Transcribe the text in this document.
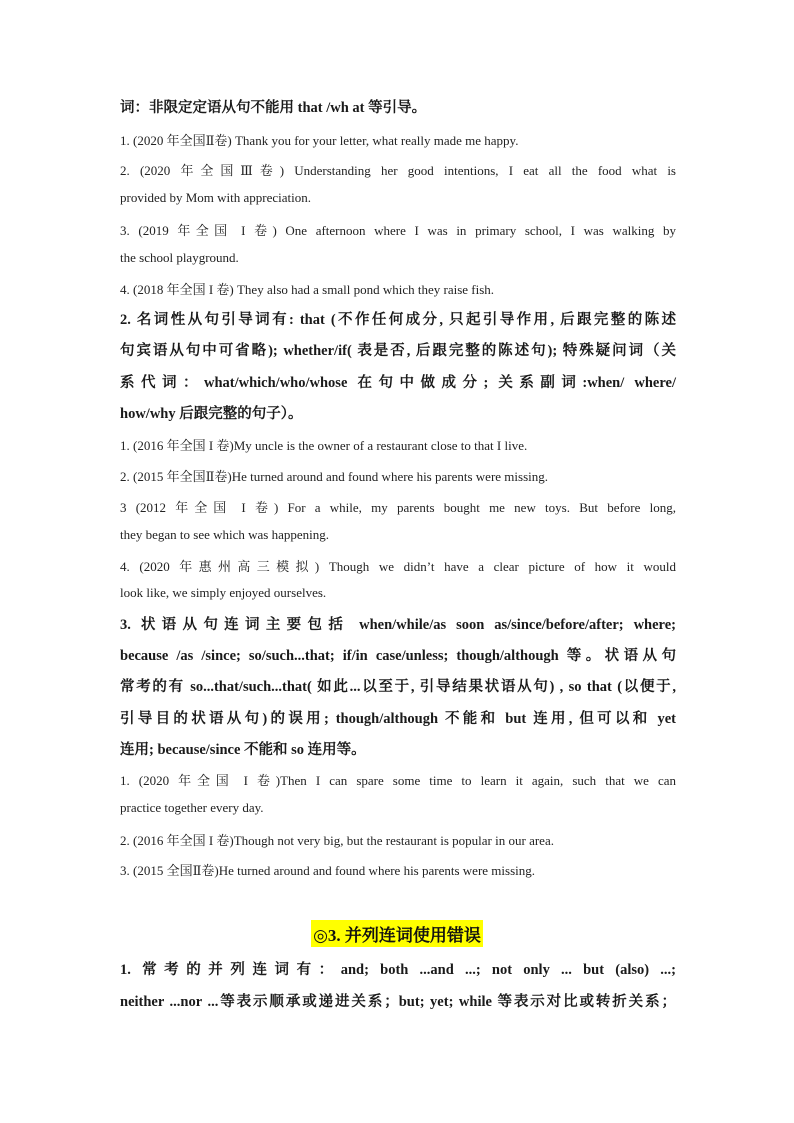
词：非限定定语从句不能用 that /wh at 等引导。
1. (2020 年全国Ⅱ卷) Thank you for your letter, what really made me happy.
2. (2020 年全国Ⅲ卷) Understanding her good intentions, I eat all the food what is
provided by Mom with appreciation.
3. (2019 年全国 I 卷) One afternoon where I was in primary school, I was walking by
the school playground.
4. (2018 年全国 I 卷) They also had a small pond which they raise fish.
2. 名词性从句引导词有: that (不作任何成分, 只起引导作用, 后跟完整的陈述
句宾语从句中可省略); whether/if( 表是否, 后跟完整的陈述句); 特殊疑问词（关
系代词：what/which/who/whose 在句中做成分; 关系副词:when/ where/
how/why 后跟完整的句子）。
1. (2016 年全国 I 卷)My uncle is the owner of a restaurant close to that I live.
2. (2015 年全国Ⅱ卷)He turned around and found where his parents were missing.
3 (2012 年全国 I 卷) For a while, my parents bought me new toys. But before long,
they began to see which was happening.
4. (2020 年惠州高三模拟) Though we didn’t have a clear picture of how it would
look like, we simply enjoyed ourselves.
3. 状语从句连词主要包括 when/while/as soon as/since/before/after; where;
because /as /since; so/such...that; if/in case/unless; though/although 等。状语从句
常考的有 so...that/such...that( 如此...以至于, 引导结果状语从句) , so that (以便于,
引导目的状语从句)的误用; though/although 不能和 but 连用, 但可以和 yet
连用; because/since 不能和 so 连用等。
1. (2020 年全国 I 卷)Then I can spare some time to learn it again, such that we can
practice together every day.
2. (2016 年全国 I 卷)Though not very big, but the restaurant is popular in our area.
3. (2015 全国Ⅱ卷)He turned around and found where his parents were missing.
◎3. 并列连词使用错误
1. 常考的并列连词有：and; both ...and ...; not only ... but (also) ...;
neither ...nor ...等表示顺承或递进关系；but; yet; while 等表示对比或转折关系；
